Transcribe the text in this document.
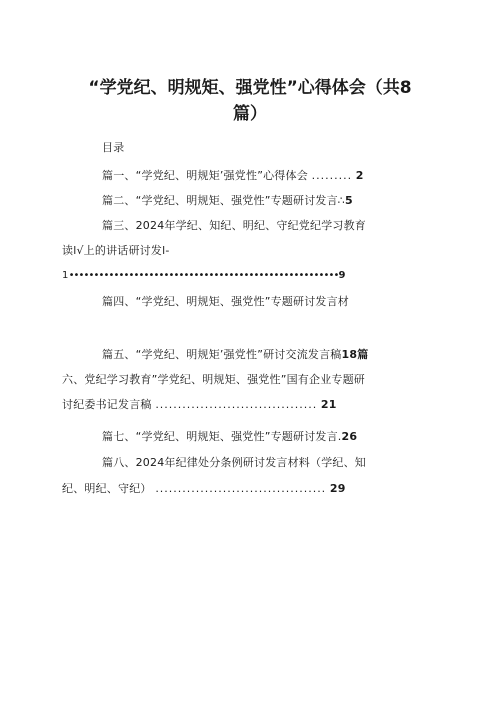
“学党纪、明规矩、强党性”心得体会（共8
篇）
目录
篇一、“学党纪、明规矩’强党性”心得体会 ......... 2
篇二、“学党纪、明规矩、强党性”专题研讨发言∴5
篇三、2024年学纪、知纪、明纪、守纪党纪学习教育
读l√上的讲话研讨发l-
1••••••••••••••••••••••••••••••••••••••••••••••••••••••9
篇四、“学党纪、明规矩、强党性”专题研讨发言材
篇五、“学党纪、明规矩’强党性”研讨交流发言稿18篇
六、党纪学习教育”学党纪、明规矩、强党性”国有企业专题研
讨纪委书记发言稿 .................................... 21
篇七、“学党纪、明规矩、强党性”专题研讨发言.26
篇八、2024年纪律处分条例研讨发言材料（学纪、知
纪、明纪、守纪） ...................................... 29
